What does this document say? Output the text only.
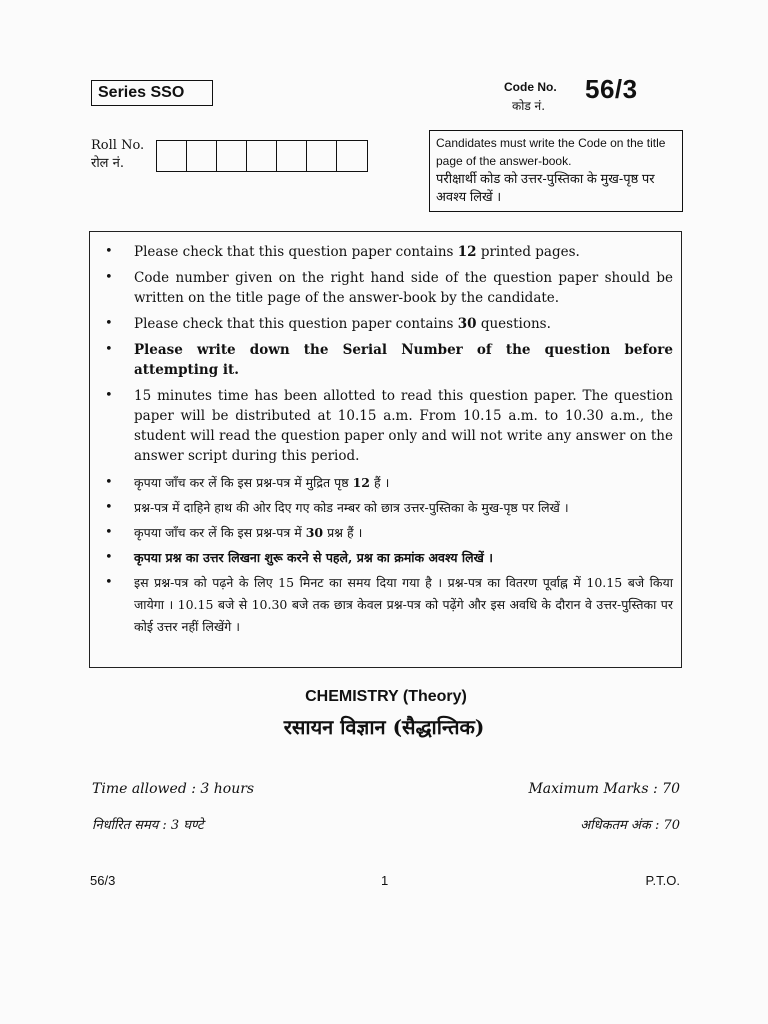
Series SSO	Code No.
कोड नं.
56/3
Roll No.
रोल नं.
Candidates must write the Code on the title page of the answer-book.
परीक्षार्थी कोड को उत्तर-पुस्तिका के मुख-पृष्ठ पर अवश्य लिखें ।
• Please check that this question paper contains 12 printed pages.
• Code number given on the right hand side of the question paper should be written on the title page of the answer-book by the candidate.
• Please check that this question paper contains 30 questions.
• Please write down the Serial Number of the question before attempting it.
• 15 minutes time has been allotted to read this question paper. The question paper will be distributed at 10.15 a.m. From 10.15 a.m. to 10.30 a.m., the student will read the question paper only and will not write any answer on the answer script during this period.
• कृपया जाँच कर लें कि इस प्रश्न-पत्र में मुद्रित पृष्ठ 12 हैं ।
• प्रश्न-पत्र में दाहिने हाथ की ओर दिए गए कोड नम्बर को छात्र उत्तर-पुस्तिका के मुख-पृष्ठ पर लिखें ।
• कृपया जाँच कर लें कि इस प्रश्न-पत्र में 30 प्रश्न हैं ।
• कृपया प्रश्न का उत्तर लिखना शुरू करने से पहले, प्रश्न का क्रमांक अवश्य लिखें ।
• इस प्रश्न-पत्र को पढ़ने के लिए 15 मिनट का समय दिया गया है । प्रश्न-पत्र का वितरण पूर्वाह्न में 10.15 बजे किया जायेगा । 10.15 बजे से 10.30 बजे तक छात्र केवल प्रश्न-पत्र को पढ़ेंगे और इस अवधि के दौरान वे उत्तर-पुस्तिका पर कोई उत्तर नहीं लिखेंगे ।
CHEMISTRY (Theory)
रसायन विज्ञान (सैद्धान्तिक)
Time allowed : 3 hours	Maximum Marks : 70
निर्धारित समय : 3 घण्टे	अधिकतम अंक : 70
56/3	1	P.T.O.
